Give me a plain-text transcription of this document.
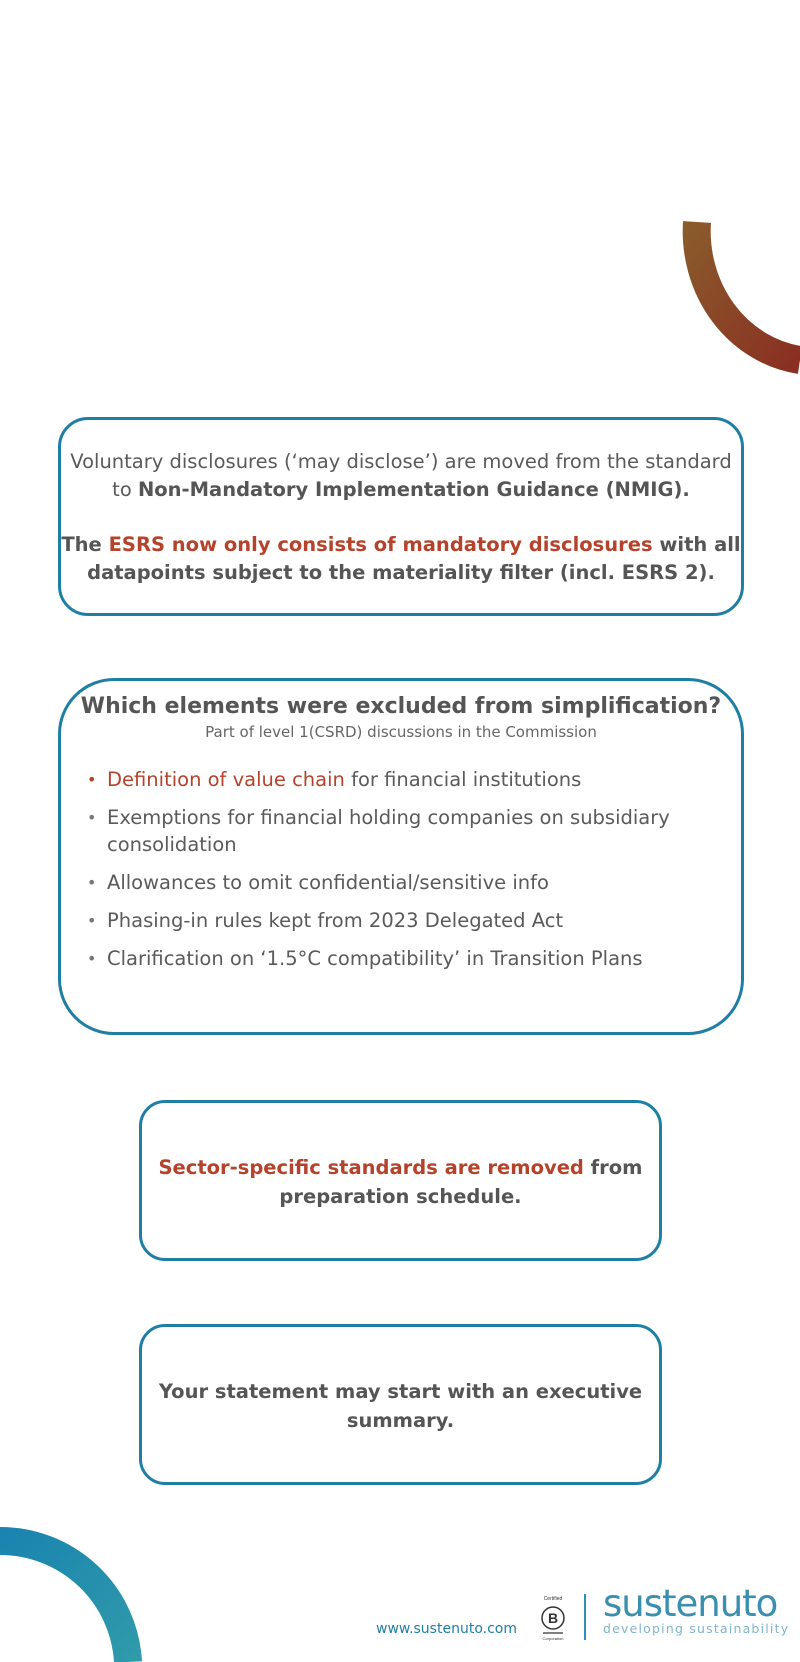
Voluntary disclosures (‘may disclose’) are moved from the standard to Non-Mandatory Implementation Guidance (NMIG).
The ESRS now only consists of mandatory disclosures with all datapoints subject to the materiality filter (incl. ESRS 2).
Which elements were excluded from simplification?
Part of level 1(CSRD) discussions in the Commission
• Definition of value chain for financial institutions
• Exemptions for financial holding companies on subsidiary consolidation
• Allowances to omit confidential/sensitive info
• Phasing-in rules kept from 2023 Delegated Act
• Clarification on ‘1.5°C compatibility’ in Transition Plans
Sector-specific standards are removed from preparation schedule.
Your statement may start with an executive summary.
www.sustenuto.com
Certified
B
Corporation
sustenuto
developing sustainability
